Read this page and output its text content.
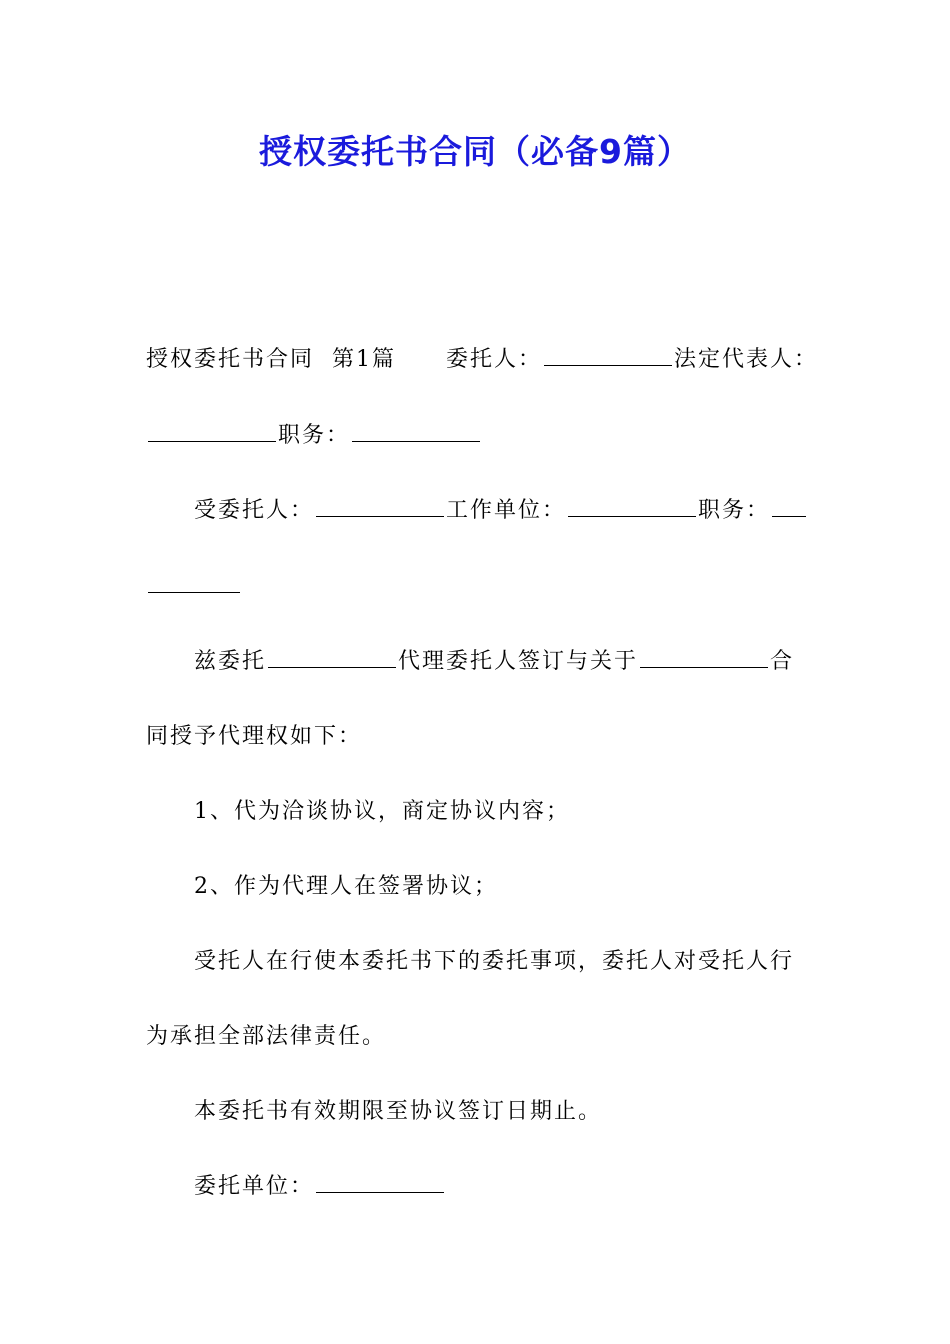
授权委托书合同（必备9篇）
授权委托书合同 第1篇 委托人：	法定代表人：
职务：
受委托人：	工作单位：	职务：
兹委托	代理委托人签订与关于	合
同授予代理权如下：
1、代为洽谈协议，商定协议内容；
2、作为代理人在签署协议；
受托人在行使本委托书下的委托事项，委托人对受托人行
为承担全部法律责任。
本委托书有效期限至协议签订日期止。
委托单位：
